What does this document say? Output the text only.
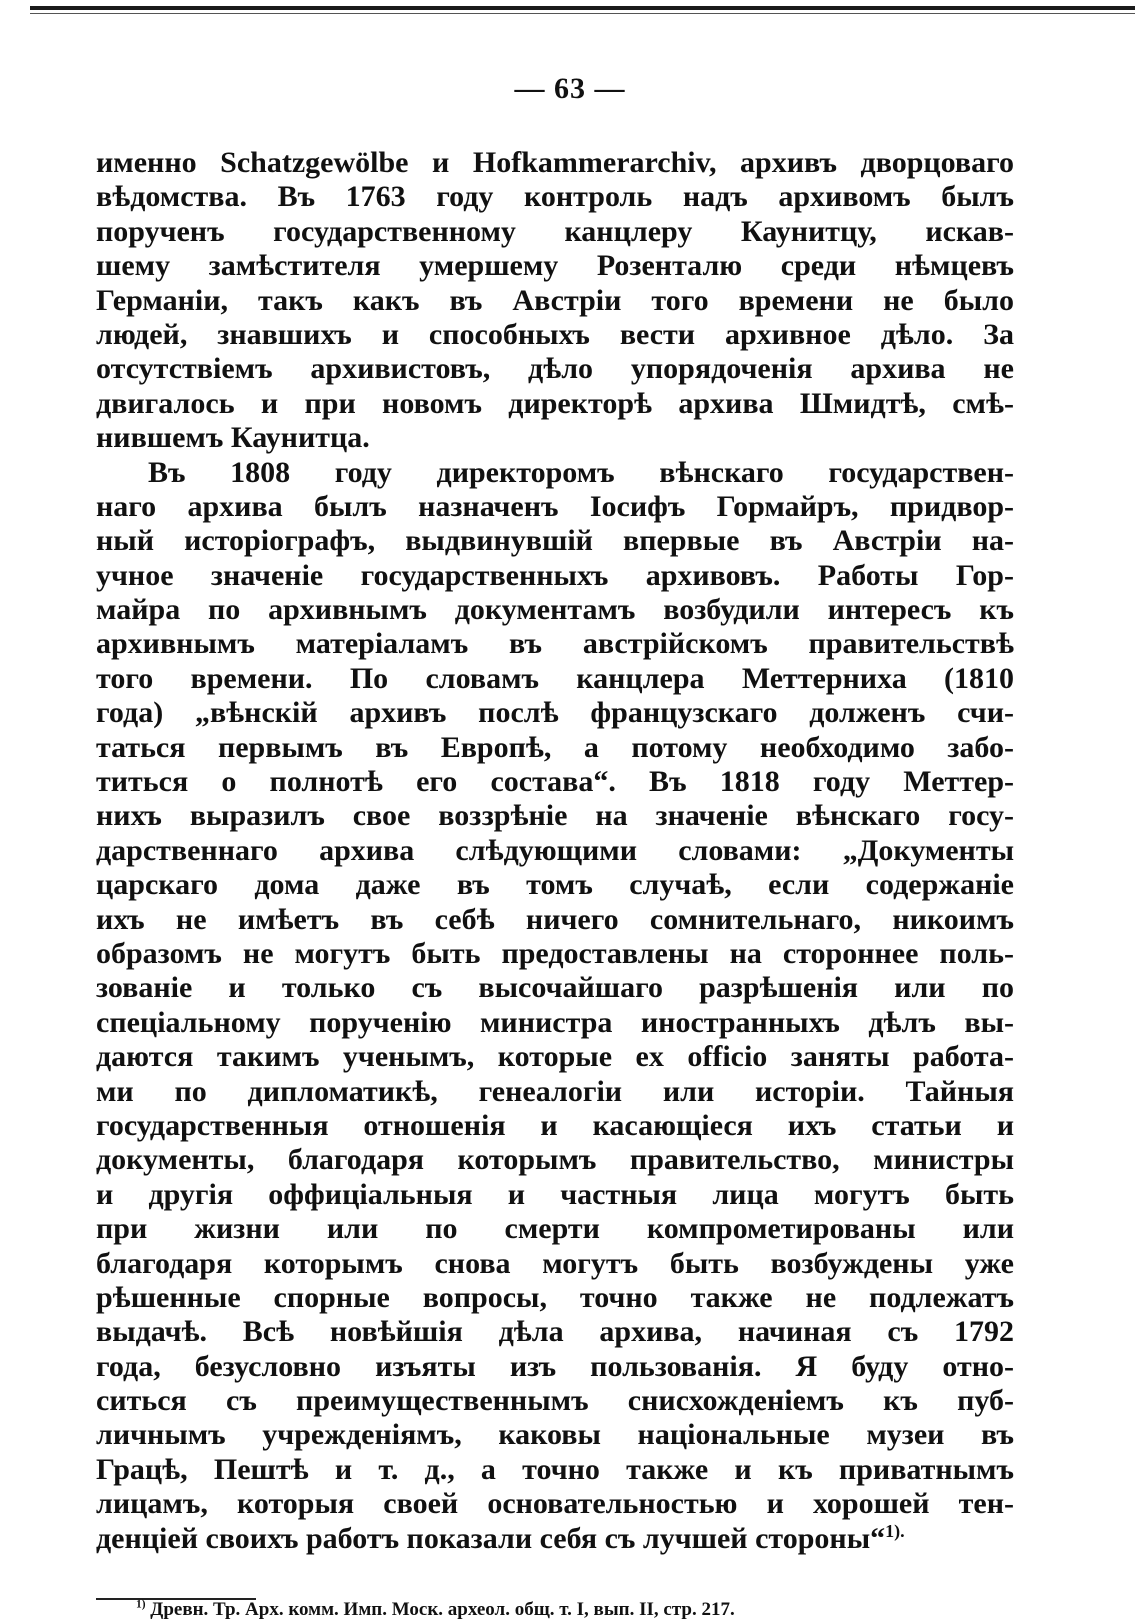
— 63 —
именно Schatzgewölbe и Hofkammerarchiv, архивъ дворцоваго
вѣдомства. Въ 1763 году контроль надъ архивомъ былъ
порученъ государственному канцлеру Каунитцу, искав-
шему замѣстителя умершему Розенталю среди нѣмцевъ
Германіи, такъ какъ въ Австріи того времени не было
людей, знавшихъ и способныхъ вести архивное дѣло. За
отсутствіемъ архивистовъ, дѣло упорядоченія архива не
двигалось и при новомъ директорѣ архива Шмидтѣ, смѣ-
нившемъ Каунитца.
Въ 1808 году директоромъ вѣнскаго государствен-
наго архива былъ назначенъ Іосифъ Гормайръ, придвор-
ный исторіографъ, выдвинувшій впервые въ Австріи на-
учное значеніе государственныхъ архивовъ. Работы Гор-
майра по архивнымъ документамъ возбудили интересъ къ
архивнымъ матеріаламъ въ австрійскомъ правительствѣ
того времени. По словамъ канцлера Меттерниха (1810
года) „вѣнскій архивъ послѣ французскаго долженъ счи-
таться первымъ въ Европѣ, а потому необходимо забо-
титься о полнотѣ его состава“. Въ 1818 году Меттер-
нихъ выразилъ свое воззрѣніе на значеніе вѣнскаго госу-
дарственнаго архива слѣдующими словами: „Документы
царскаго дома даже въ томъ случаѣ, если содержаніе
ихъ не имѣетъ въ себѣ ничего сомнительнаго, никоимъ
образомъ не могутъ быть предоставлены на стороннее поль-
зованіе и только съ высочайшаго разрѣшенія или по
спеціальному порученію министра иностранныхъ дѣлъ вы-
даются такимъ ученымъ, которые ex officio заняты работа-
ми по дипломатикѣ, генеалогіи или исторіи. Тайныя
государственныя отношенія и касающіеся ихъ статьи и
документы, благодаря которымъ правительство, министры
и другія оффиціальныя и частныя лица могутъ быть
при жизни или по смерти компрометированы или
благодаря которымъ снова могутъ быть возбуждены уже
рѣшенные спорные вопросы, точно также не подлежатъ
выдачѣ. Всѣ новѣйшія дѣла архива, начиная съ 1792
года, безусловно изъяты изъ пользованія. Я буду отно-
ситься съ преимущественнымъ снисхожденіемъ къ пуб-
личнымъ учрежденіямъ, каковы національные музеи въ
Грацѣ, Пештѣ и т. д., а точно также и къ приватнымъ
лицамъ, которыя своей основательностью и хорошей тен-
денціей своихъ работъ показали себя съ лучшей стороны“$^{1).}$
$^{1)}$ Древн. Тр. Арх. комм. Имп. Моск. археол. общ. т. I, вып. II, стр. 217.
